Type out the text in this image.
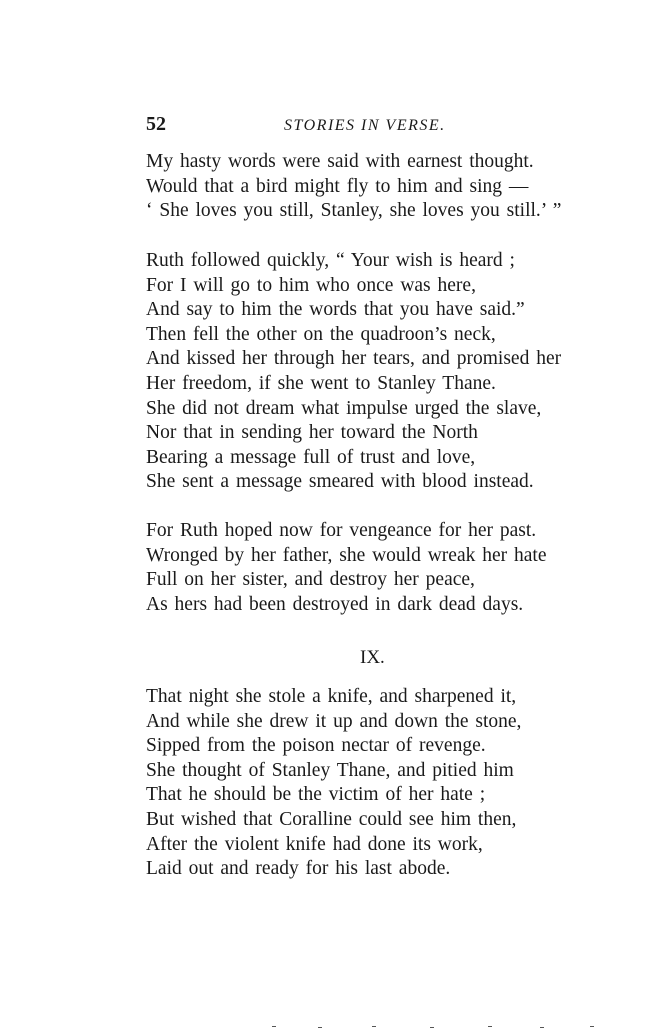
52	STORIES IN VERSE.
My hasty words were said with earnest thought.
Would that a bird might fly to him and sing —
‘ She loves you still, Stanley, she loves you still.’ ”
Ruth followed quickly, “ Your wish is heard ;
For I will go to him who once was here,
And say to him the words that you have said.”
Then fell the other on the quadroon’s neck,
And kissed her through her tears, and promised her
Her freedom, if she went to Stanley Thane.
She did not dream what impulse urged the slave,
Nor that in sending her toward the North
Bearing a message full of trust and love,
She sent a message smeared with blood instead.
For Ruth hoped now for vengeance for her past.
Wronged by her father, she would wreak her hate
Full on her sister, and destroy her peace,
As hers had been destroyed in dark dead days.
IX.
That night she stole a knife, and sharpened it,
And while she drew it up and down the stone,
Sipped from the poison nectar of revenge.
She thought of Stanley Thane, and pitied him
That he should be the victim of her hate ;
But wished that Coralline could see him then,
After the violent knife had done its work,
Laid out and ready for his last abode.
